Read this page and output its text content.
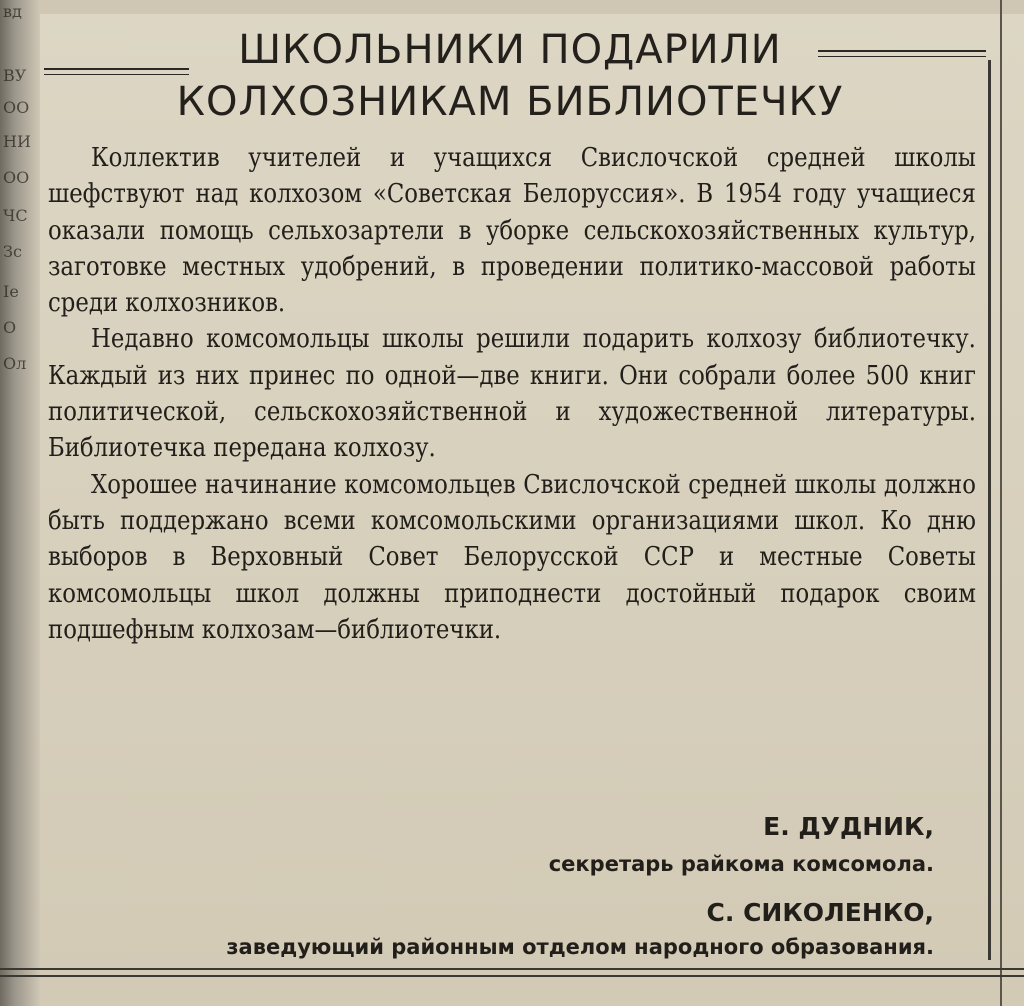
вд
ВУ
ОО
НИ
ОО
ЧС
Зс
Ie
О
Ол
ШКОЛЬНИКИ ПОДАРИЛИ
КОЛХОЗНИКАМ БИБЛИОТЕЧКУ

Коллектив учителей и учащихся Свислочской средней школы шефствуют над колхозом «Советская Белоруссия». В 1954 году учащиеся оказали помощь сельхозартели в уборке сельскохозяйственных культур, заготовке местных удобрений, в проведении политико-массовой работы среди колхозников.

Недавно комсомольцы школы решили подарить колхозу библиотечку. Каждый из них принес по одной—две книги. Они собрали более 500 книг политической, сельскохозяйственной и художественной литературы. Библиотечка передана колхозу.

Хорошее начинание комсомольцев Свислочской средней школы должно быть поддержано всеми комсомольскими организациями школ. Ко дню выборов в Верховный Совет Белорусской ССР и местные Советы комсомольцы школ должны приподнести достойный подарок своим подшефным колхозам—библиотечки.

Е. ДУДНИК,
секретарь райкома комсомола.
С. СИКОЛЕНКО,
заведующий районным отделом народного образования.
